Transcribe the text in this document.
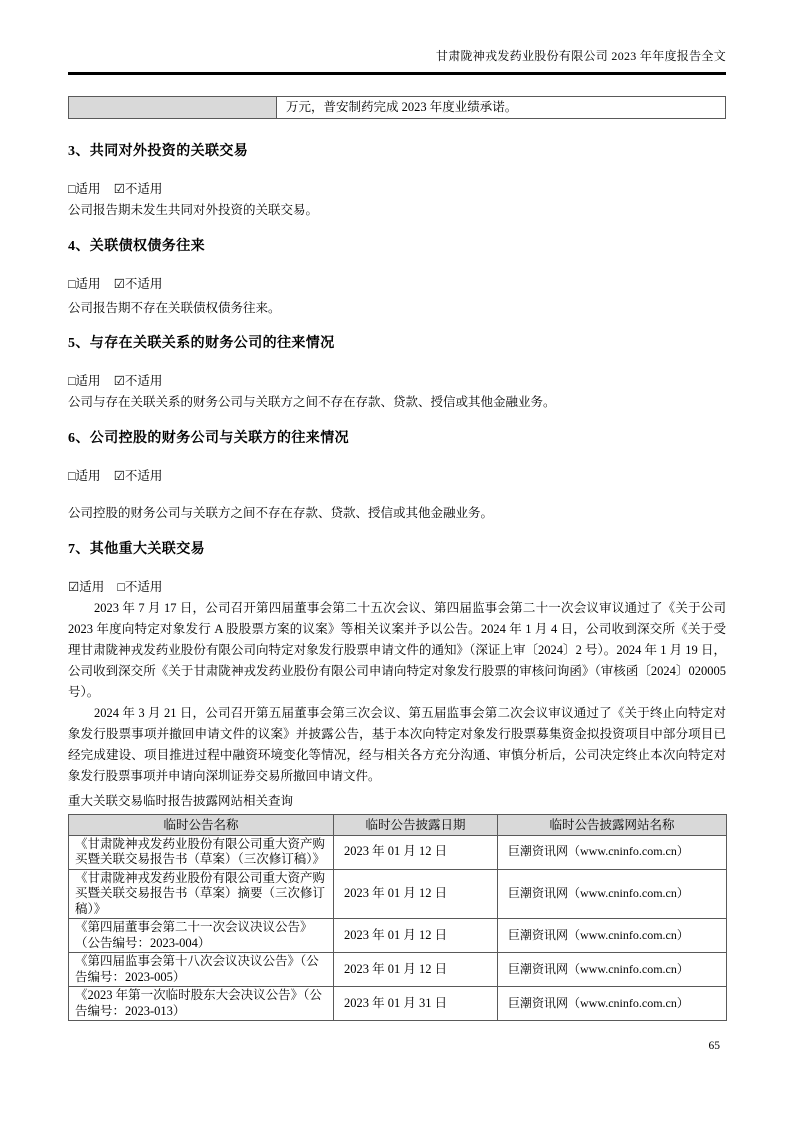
甘肃陇神戎发药业股份有限公司 2023 年年度报告全文
	万元，普安制药完成 2023 年度业绩承诺。
3、共同对外投资的关联交易
□适用 ☑不适用

公司报告期未发生共同对外投资的关联交易。

4、关联债权债务往来
□适用 ☑不适用

公司报告期不存在关联债权债务往来。

5、与存在关联关系的财务公司的往来情况
□适用 ☑不适用

公司与存在关联关系的财务公司与关联方之间不存在存款、贷款、授信或其他金融业务。

6、公司控股的财务公司与关联方的往来情况
□适用 ☑不适用

公司控股的财务公司与关联方之间不存在存款、贷款、授信或其他金融业务。

7、其他重大关联交易
☑适用 □不适用

2023 年 7 月 17 日，公司召开第四届董事会第二十五次会议、第四届监事会第二十一次会议审议通过了《关于公司 2023 年度向特定对象发行 A 股股票方案的议案》等相关议案并予以公告。2024 年 1 月 4 日，公司收到深交所《关于受理甘肃陇神戎发药业股份有限公司向特定对象发行股票申请文件的通知》（深证上审〔2024〕2 号）。2024 年 1 月 19 日，公司收到深交所《关于甘肃陇神戎发药业股份有限公司申请向特定对象发行股票的审核问询函》（审核函〔2024〕020005 号）。

2024 年 3 月 21 日，公司召开第五届董事会第三次会议、第五届监事会第二次会议审议通过了《关于终止向特定对象发行股票事项并撤回申请文件的议案》并披露公告，基于本次向特定对象发行股票募集资金拟投资项目中部分项目已经完成建设、项目推进过程中融资环境变化等情况，经与相关各方充分沟通、审慎分析后，公司决定终止本次向特定对象发行股票事项并申请向深圳证券交易所撤回申请文件。

重大关联交易临时报告披露网站相关查询
临时公告名称	临时公告披露日期	临时公告披露网站名称
《甘肃陇神戎发药业股份有限公司重大资产购买暨关联交易报告书（草案）（三次修订稿）》	2023 年 01 月 12 日	巨潮资讯网（www.cninfo.com.cn）
《甘肃陇神戎发药业股份有限公司重大资产购买暨关联交易报告书（草案）摘要（三次修订稿）》	2023 年 01 月 12 日	巨潮资讯网（www.cninfo.com.cn）
《第四届董事会第二十一次会议决议公告》（公告编号：2023-004）	2023 年 01 月 12 日	巨潮资讯网（www.cninfo.com.cn）
《第四届监事会第十八次会议决议公告》（公告编号：2023-005）	2023 年 01 月 12 日	巨潮资讯网（www.cninfo.com.cn）
《2023 年第一次临时股东大会决议公告》（公告编号：2023-013）	2023 年 01 月 31 日	巨潮资讯网（www.cninfo.com.cn）
65
